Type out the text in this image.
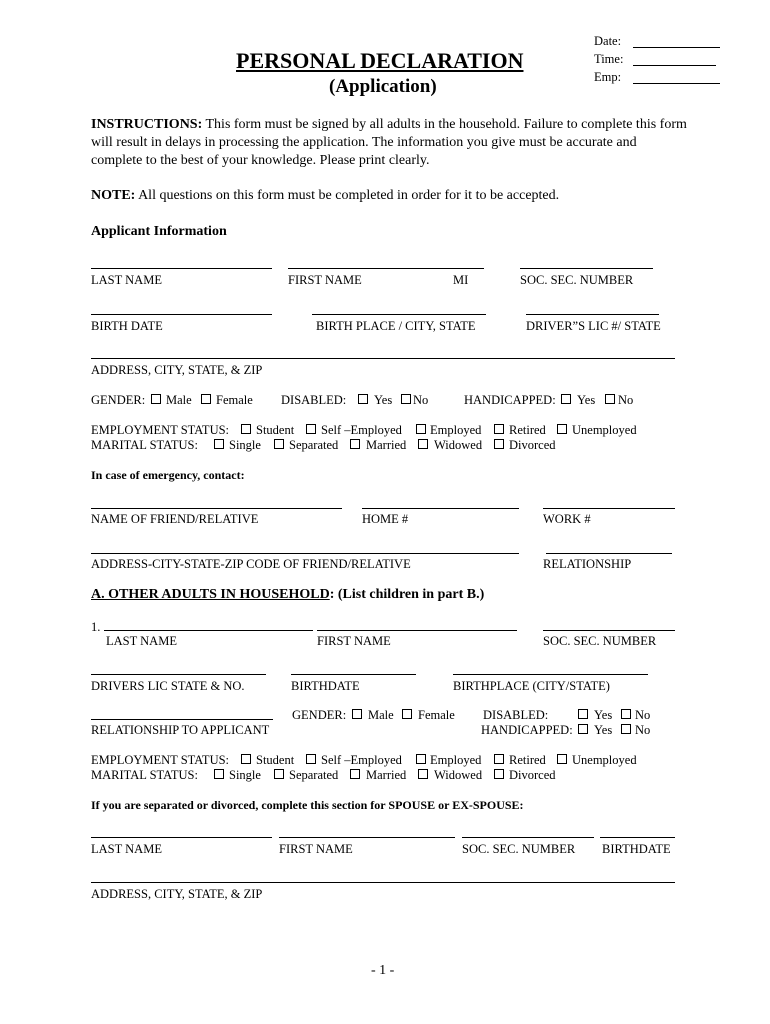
Date:
Time:
Emp:
PERSONAL DECLARATION
(Application)
INSTRUCTIONS: This form must be signed by all adults in the household. Failure to complete this form will result in delays in processing the application. The information you give must be accurate and complete to the best of your knowledge. Please print clearly.
NOTE: All questions on this form must be completed in order for it to be accepted.
Applicant Information
LAST NAME	FIRST NAME	MI	SOC. SEC. NUMBER
BIRTH DATE	BIRTH PLACE / CITY, STATE	DRIVER”S LIC #/ STATE
ADDRESS, CITY, STATE, & ZIP
GENDER: Male Female DISABLED: Yes No	HANDICAPPED: Yes No
EMPLOYMENT STATUS: Student Self –Employed Employed Retired Unemployed
MARITAL STATUS: Single Separated Married Widowed Divorced
In case of emergency, contact:
NAME OF FRIEND/RELATIVE	HOME #	WORK #
ADDRESS-CITY-STATE-ZIP CODE OF FRIEND/RELATIVE	RELATIONSHIP
A. OTHER ADULTS IN HOUSEHOLD: (List children in part B.)
1.
LAST NAME	FIRST NAME	SOC. SEC. NUMBER
DRIVERS LIC STATE & NO.	BIRTHDATE	BIRTHPLACE (CITY/STATE)
RELATIONSHIP TO APPLICANT
GENDER: Male Female DISABLED:	Yes No
HANDICAPPED: Yes No
EMPLOYMENT STATUS: Student Self –Employed Employed Retired Unemployed
MARITAL STATUS: Single Separated Married Widowed Divorced
If you are separated or divorced, complete this section for SPOUSE or EX-SPOUSE:
LAST NAME	FIRST NAME	SOC. SEC. NUMBER BIRTHDATE
ADDRESS, CITY, STATE, & ZIP
- 1 -
